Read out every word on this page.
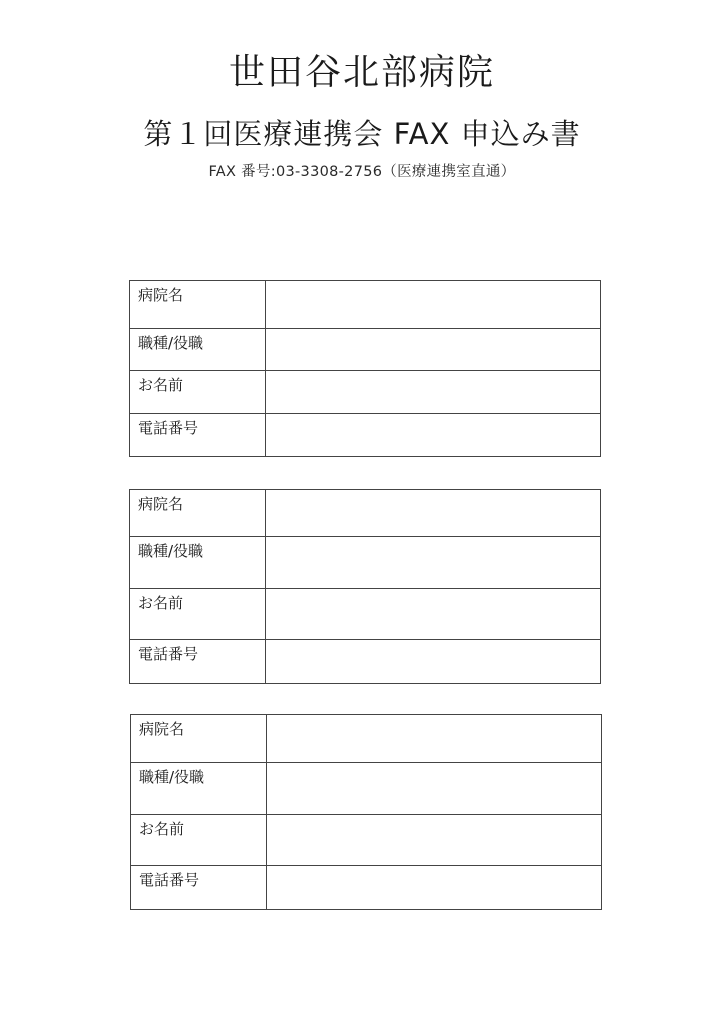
世田谷北部病院
第１回医療連携会 FAX 申込み書
FAX 番号:03-3308-2756（医療連携室直通）
病院名	
職種/役職	
お名前	
電話番号	
病院名	
職種/役職	
お名前	
電話番号	
病院名	
職種/役職	
お名前	
電話番号	
